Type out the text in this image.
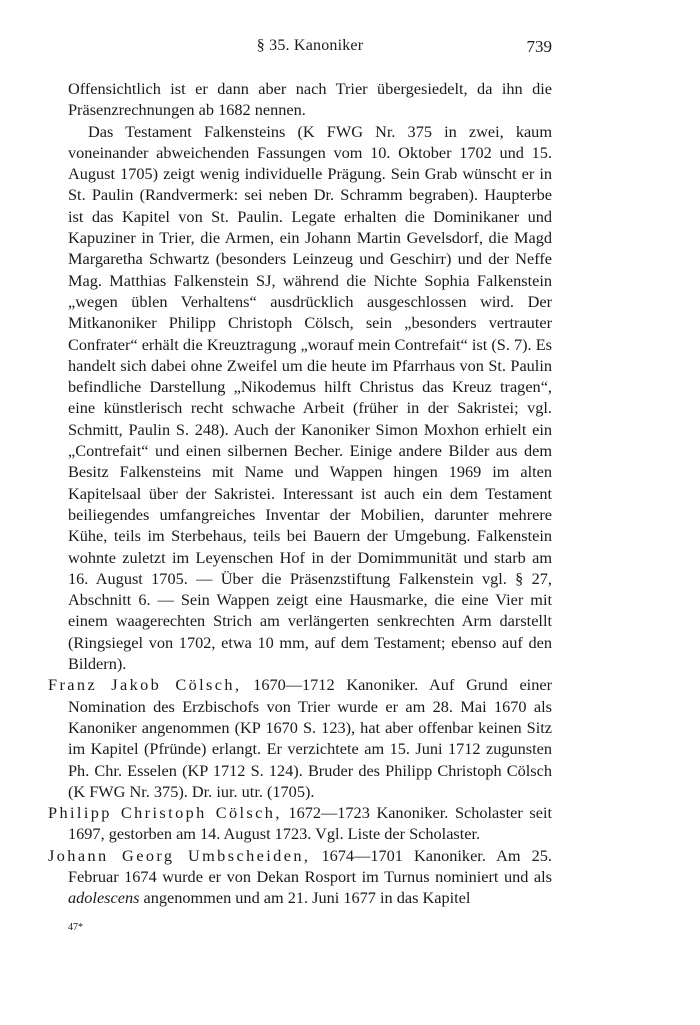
§ 35. Kanoniker	739

Offensichtlich ist er dann aber nach Trier übergesiedelt, da ihn die Präsenzrechnungen ab 1682 nennen.

Das Testament Falkensteins (K FWG Nr. 375 in zwei, kaum voneinander abweichenden Fassungen vom 10. Oktober 1702 und 15. August 1705) zeigt wenig individuelle Prägung. Sein Grab wünscht er in St. Paulin (Randvermerk: sei neben Dr. Schramm begraben). Haupterbe ist das Kapitel von St. Paulin. Legate erhalten die Dominikaner und Kapuziner in Trier, die Armen, ein Johann Martin Gevelsdorf, die Magd Margaretha Schwartz (besonders Leinzeug und Geschirr) und der Neffe Mag. Matthias Falkenstein SJ, während die Nichte Sophia Falkenstein „wegen üblen Verhaltens“ ausdrücklich ausgeschlossen wird. Der Mitkanoniker Philipp Christoph Cölsch, sein „besonders vertrauter Confrater“ erhält die Kreuztragung „worauf mein Contrefait“ ist (S. 7). Es handelt sich dabei ohne Zweifel um die heute im Pfarrhaus von St. Paulin befindliche Darstellung „Nikodemus hilft Christus das Kreuz tragen“, eine künstlerisch recht schwache Arbeit (früher in der Sakristei; vgl. Schmitt, Paulin S. 248). Auch der Kanoniker Simon Moxhon erhielt ein „Contrefait“ und einen silbernen Becher. Einige andere Bilder aus dem Besitz Falkensteins mit Name und Wappen hingen 1969 im alten Kapitelsaal über der Sakristei. Interessant ist auch ein dem Testament beiliegendes umfangreiches Inventar der Mobilien, darunter mehrere Kühe, teils im Sterbehaus, teils bei Bauern der Umgebung. Falkenstein wohnte zuletzt im Leyenschen Hof in der Domimmunität und starb am 16. August 1705. — Über die Präsenzstiftung Falkenstein vgl. § 27, Abschnitt 6. — Sein Wappen zeigt eine Hausmarke, die eine Vier mit einem waagerechten Strich am verlängerten senkrechten Arm darstellt (Ringsiegel von 1702, etwa 10 mm, auf dem Testament; ebenso auf den Bildern).

Franz Jakob Cölsch, 1670—1712 Kanoniker. Auf Grund einer Nomination des Erzbischofs von Trier wurde er am 28. Mai 1670 als Kanoniker angenommen (KP 1670 S. 123), hat aber offenbar keinen Sitz im Kapitel (Pfründe) erlangt. Er verzichtete am 15. Juni 1712 zugunsten Ph. Chr. Esselen (KP 1712 S. 124). Bruder des Philipp Christoph Cölsch (K FWG Nr. 375). Dr. iur. utr. (1705).

Philipp Christoph Cölsch, 1672—1723 Kanoniker. Scholaster seit 1697, gestorben am 14. August 1723. Vgl. Liste der Scholaster.

Johann Georg Umbscheiden, 1674—1701 Kanoniker. Am 25. Februar 1674 wurde er von Dekan Rosport im Turnus nominiert und als adolescens angenommen und am 21. Juni 1677 in das Kapitel

47*
